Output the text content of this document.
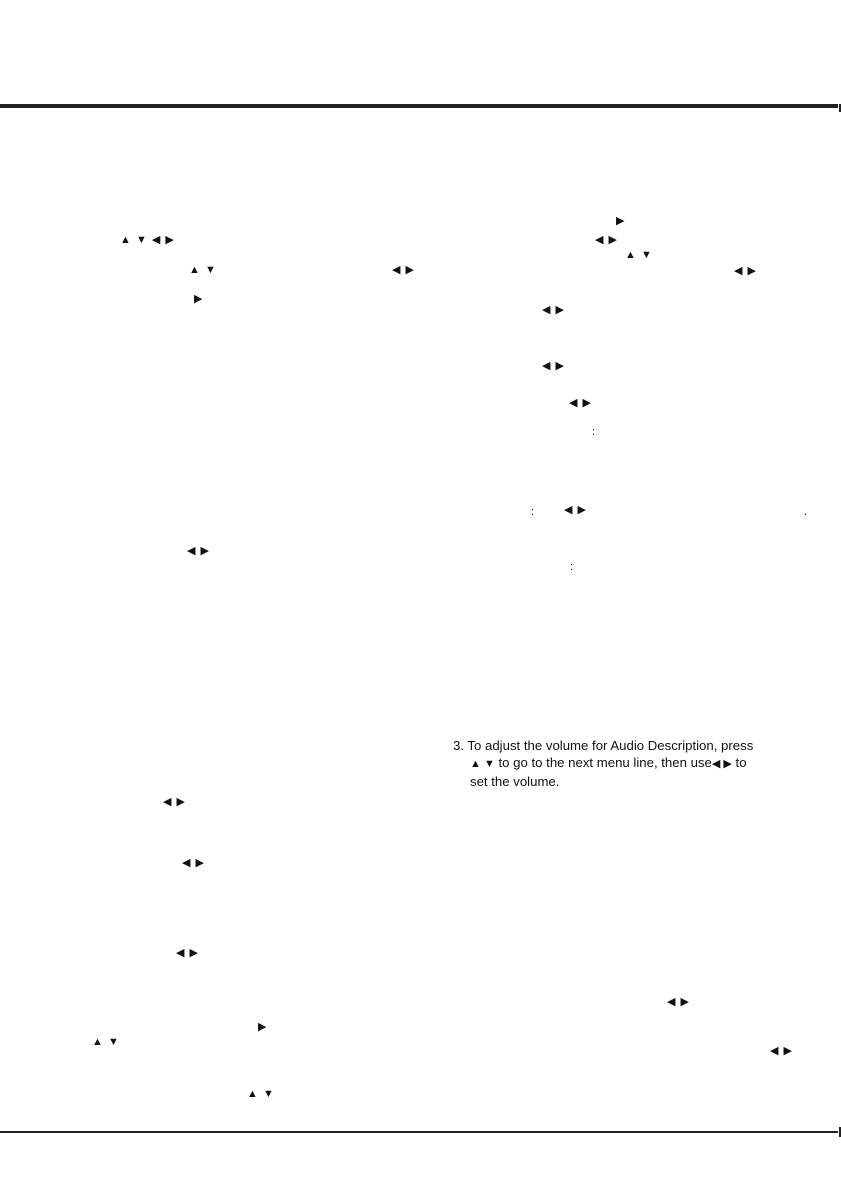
▲ ▼ ◀ ▶
▲ ▼	◀ ▶
▶
◀ ▶
◀ ▶
◀ ▶
◀ ▶
▶
▲ ▼
▲ ▼
▶
◀ ▶
▲ ▼
◀ ▶
◀ ▶
◀ ▶
◀ ▶
:
:	◀ ▶	.
:
◀ ▶
◀ ▶
3. To adjust the volume for Audio Description, press
▲ ▼ to go to the next menu line, then use◀ ▶ to
set the volume.
